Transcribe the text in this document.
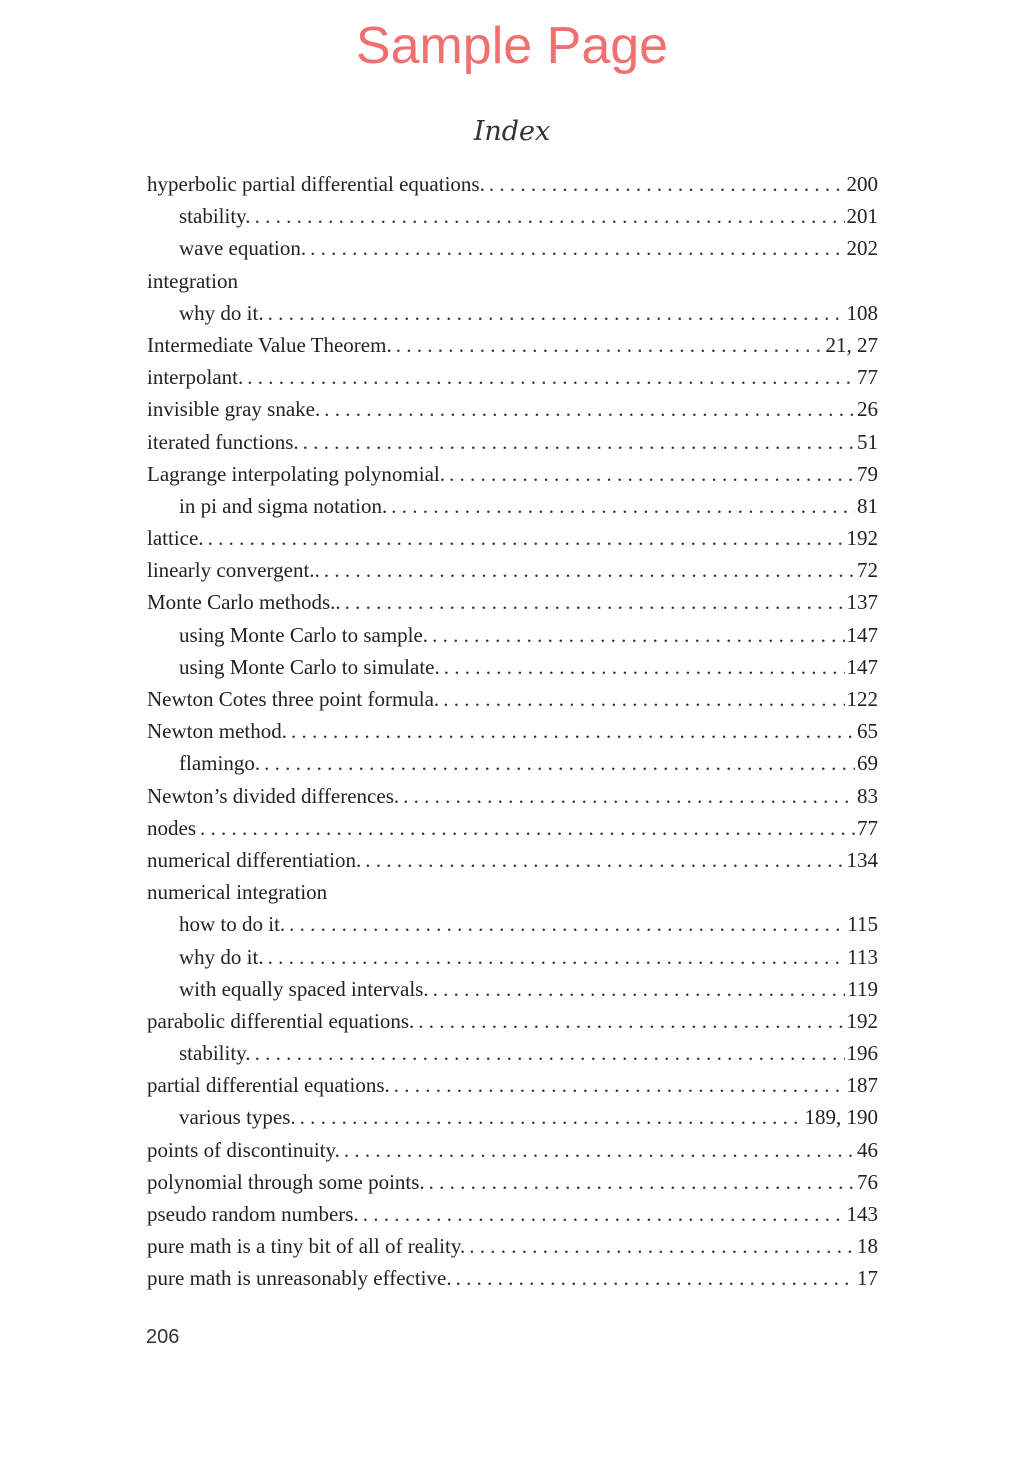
Sample Page
Index
hyperbolic partial differential equations. . . .	200
stability. . . .	201
wave equation. . . .	202
integration
why do it. . . .	108
Intermediate Value Theorem. . . .	21, 27
interpolant. . . .	77
invisible gray snake. . . .	26
iterated functions. . . .	51
Lagrange interpolating polynomial. . . .	79
in pi and sigma notation. . . .	81
lattice. . . .	192
linearly convergent.. . . .	72
Monte Carlo methods.. . . .	137
using Monte Carlo to sample. . . .	147
using Monte Carlo to simulate. . . .	147
Newton Cotes three point formula. . . .	122
Newton method. . . .	65
flamingo. . . .	69
Newton’s divided differences. . . .	83
nodes . . .	77
numerical differentiation. . . .	134
numerical integration
how to do it. . . .	115
why do it. . . .	113
with equally spaced intervals. . . .	119
parabolic differential equations. . . .	192
stability. . . .	196
partial differential equations. . . .	187
various types. . . .	189, 190
points of discontinuity. . . .	46
polynomial through some points. . . .	76
pseudo random numbers. . . .	143
pure math is a tiny bit of all of reality. . . .	18
pure math is unreasonably effective. . . .	17
206
